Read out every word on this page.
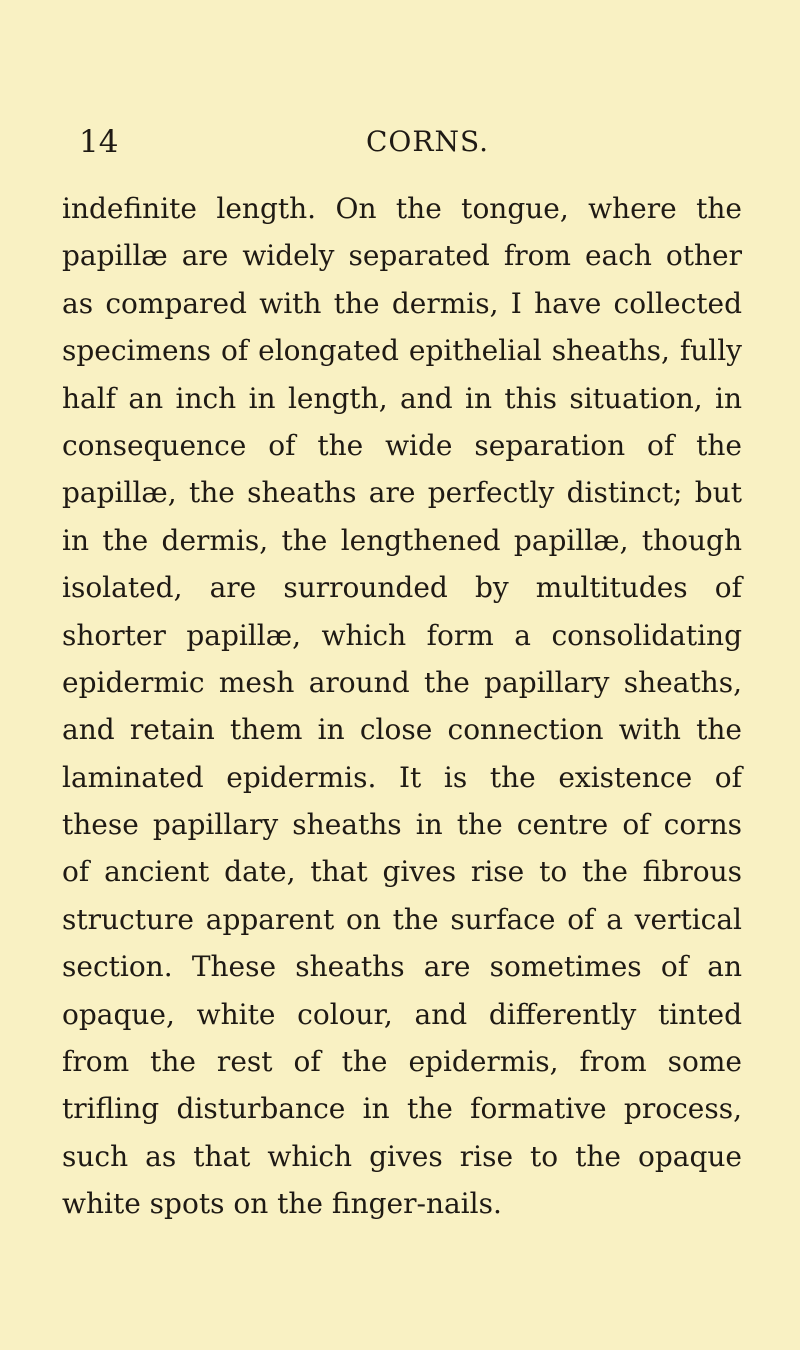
14	CORNS.
indefinite length. On the tongue, where the
papillæ are widely separated from each other
as compared with the dermis, I have collected
specimens of elongated epithelial sheaths, fully
half an inch in length, and in this situation, in
consequence of the wide separation of the
papillæ, the sheaths are perfectly distinct; but
in the dermis, the lengthened papillæ, though
isolated, are surrounded by multitudes of
shorter papillæ, which form a consolidating
epidermic mesh around the papillary sheaths,
and retain them in close connection with the
laminated epidermis. It is the existence of
these papillary sheaths in the centre of corns
of ancient date, that gives rise to the fibrous
structure apparent on the surface of a vertical
section. These sheaths are sometimes of an
opaque, white colour, and differently tinted
from the rest of the epidermis, from some
trifling disturbance in the formative process,
such as that which gives rise to the opaque
white spots on the finger-nails.
